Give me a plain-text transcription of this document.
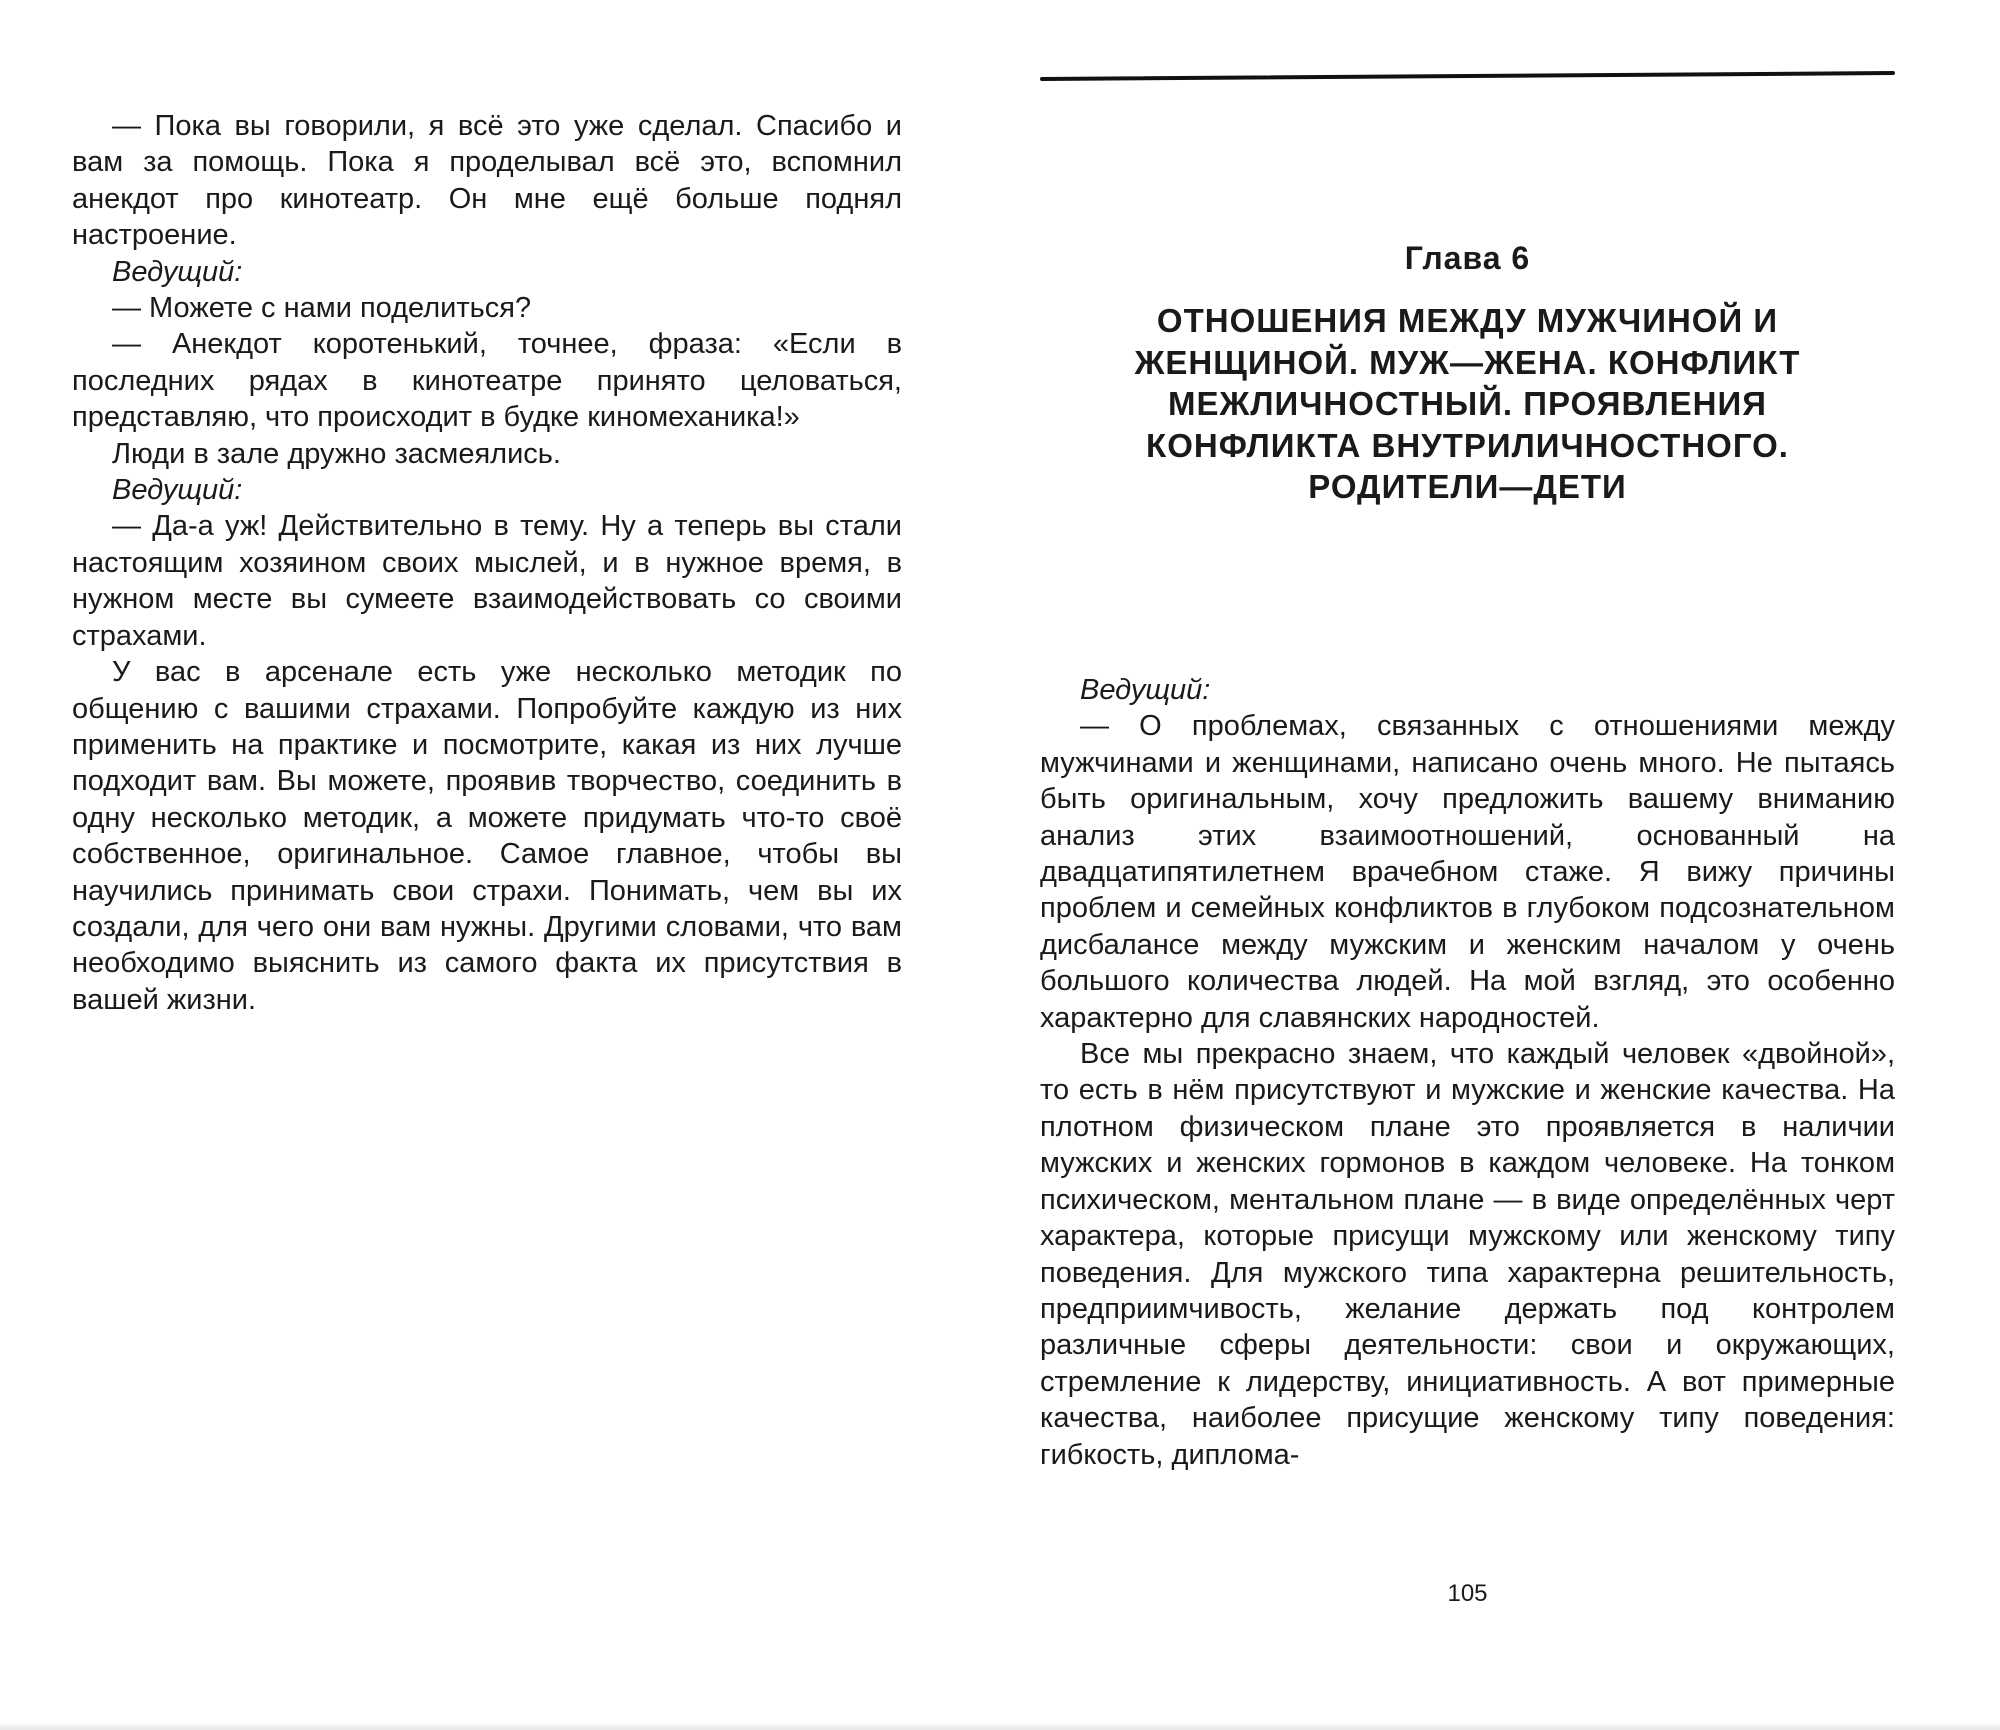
— Пока вы говорили, я всё это уже сделал. Спасибо и вам за помощь. Пока я проделывал всё это, вспомнил анекдот про кинотеатр. Он мне ещё больше поднял настроение.

Ведущий:

— Можете с нами поделиться?

— Анекдот коротенький, точнее, фраза: «Если в последних рядах в кинотеатре принято целоваться, представляю, что происходит в будке киномеханика!»

Люди в зале дружно засмеялись.

Ведущий:

— Да-а уж! Действительно в тему. Ну а теперь вы стали настоящим хозяином своих мыслей, и в нужное время, в нужном месте вы сумеете взаимодействовать со своими страхами.

У вас в арсенале есть уже несколько методик по общению с вашими страхами. Попробуйте каждую из них применить на практике и посмотрите, какая из них лучше подходит вам. Вы можете, проявив творчество, соединить в одну несколько методик, а можете придумать что-то своё собственное, оригинальное. Самое главное, чтобы вы научились принимать свои страхи. Понимать, чем вы их создали, для чего они вам нужны. Другими словами, что вам необходимо выяснить из самого факта их присутствия в вашей жизни.

Глава 6
ОТНОШЕНИЯ МЕЖДУ МУЖЧИНОЙ И ЖЕНЩИНОЙ. МУЖ—ЖЕНА. КОНФЛИКТ МЕЖЛИЧНОСТНЫЙ. ПРОЯВЛЕНИЯ КОНФЛИКТА ВНУТРИЛИЧНОСТНОГО. РОДИТЕЛИ—ДЕТИ

Ведущий:

— О проблемах, связанных с отношениями между мужчинами и женщинами, написано очень много. Не пытаясь быть оригинальным, хочу предложить вашему вниманию анализ этих взаимоотношений, основанный на двадцатипятилетнем врачебном стаже. Я вижу причины проблем и семейных конфликтов в глубоком подсознательном дисбалансе между мужским и женским началом у очень большого количества людей. На мой взгляд, это особенно характерно для славянских народностей.

Все мы прекрасно знаем, что каждый человек «двойной», то есть в нём присутствуют и мужские и женские качества. На плотном физическом плане это проявляется в наличии мужских и женских гормонов в каждом человеке. На тонком психическом, ментальном плане — в виде определённых черт характера, которые присущи мужскому или женскому типу поведения. Для мужского типа характерна решительность, предприимчивость, желание держать под контролем различные сферы деятельности: свои и окружающих, стремление к лидерству, инициативность. А вот примерные качества, наиболее присущие женскому типу поведения: гибкость, диплома-

105
